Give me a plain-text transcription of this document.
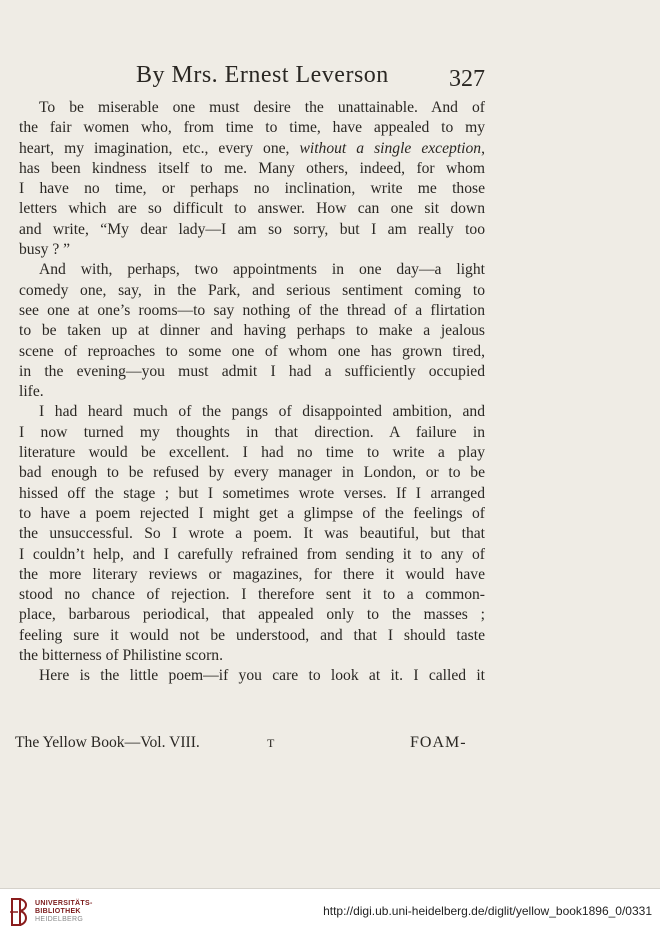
By Mrs. Ernest Leverson	327
To be miserable one must desire the unattainable. And of
the fair women who, from time to time, have appealed to my
heart, my imagination, etc., every one, without a single exception,
has been kindness itself to me. Many others, indeed, for whom
I have no time, or perhaps no inclination, write me those
letters which are so difficult to answer. How can one sit down
and write, “My dear lady—I am so sorry, but I am really too
busy ? ”
And with, perhaps, two appointments in one day—a light
comedy one, say, in the Park, and serious sentiment coming to
see one at one’s rooms—to say nothing of the thread of a flirtation
to be taken up at dinner and having perhaps to make a jealous
scene of reproaches to some one of whom one has grown tired,
in the evening—you must admit I had a sufficiently occupied
life.
I had heard much of the pangs of disappointed ambition, and
I now turned my thoughts in that direction. A failure in
literature would be excellent. I had no time to write a play
bad enough to be refused by every manager in London, or to be
hissed off the stage ; but I sometimes wrote verses. If I arranged
to have a poem rejected I might get a glimpse of the feelings of
the unsuccessful. So I wrote a poem. It was beautiful, but that
I couldn’t help, and I carefully refrained from sending it to any of
the more literary reviews or magazines, for there it would have
stood no chance of rejection. I therefore sent it to a common-
place, barbarous periodical, that appealed only to the masses ;
feeling sure it would not be understood, and that I should taste
the bitterness of Philistine scorn.
Here is the little poem—if you care to look at it. I called it
The Yellow Book—Vol. VIII.	T	FOAM-
UNIVERSITÄTS-
BIBLIOTHEK
HEIDELBERG
http://digi.ub.uni-heidelberg.de/diglit/yellow_book1896_0/0331
